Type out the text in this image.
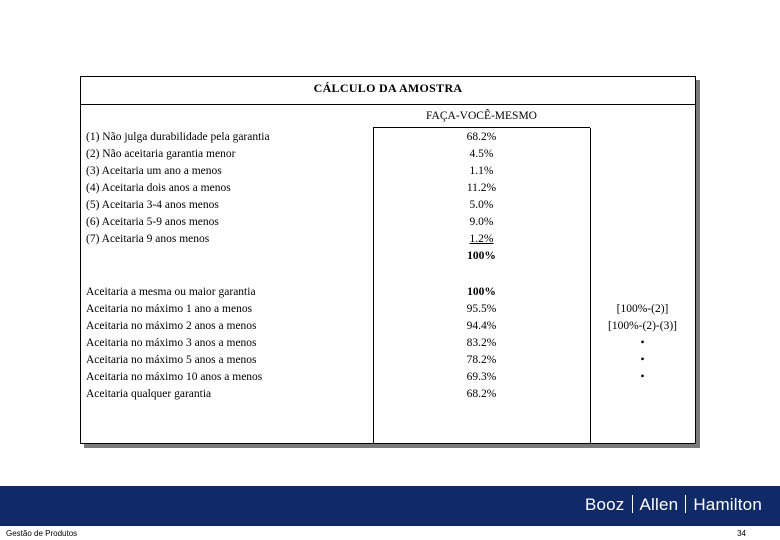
CÁLCULO DA AMOSTRA
FAÇA-VOCÊ-MESMO
(1) Não julga durabilidade pela garantia	68.2%
(2) Não aceitaria garantia menor	4.5%
(3) Aceitaria um ano a menos	1.1%
(4) Aceitaria dois anos a menos	11.2%
(5) Aceitaria 3-4 anos menos	5.0%
(6) Aceitaria 5-9 anos menos	9.0%
(7) Aceitaria 9 anos menos	1.2%
100%
Aceitaria a mesma ou maior garantia	100%
Aceitaria no máximo 1 ano a menos	95.5%	[100%-(2)]
Aceitaria no máximo 2 anos a menos	94.4%	[100%-(2)-(3)]
Aceitaria no máximo 3 anos a menos	83.2%	•
Aceitaria no máximo 5 anos a menos	78.2%	•
Aceitaria no máximo 10 anos a menos	69.3%	•
Aceitaria qualquer garantia	68.2%
Booz Allen Hamilton
Gestão de Produtos	34
